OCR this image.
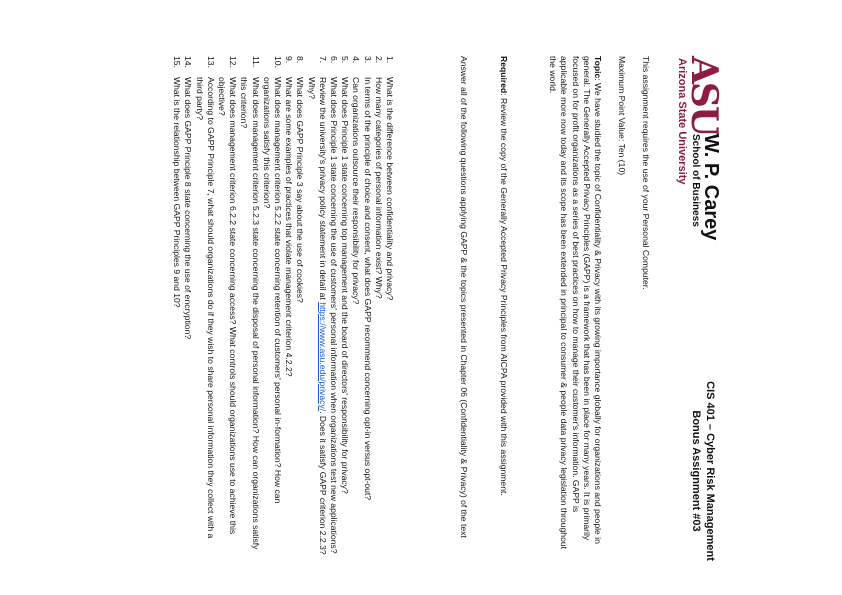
ASU
Arizona State University
W. P. Carey
School of Business
CIS 401 – Cyber Risk Management
Bonus Assignment #03

This assignment requires the use of your Personal Computer.

Maximum Point Value: Ten (10)

Topic: We have studied the topic of Confidentiality & Privacy with its growing importance globally for organizations and people in general. The Generally Accepted Privacy Principles (GAPP) is a framework that has been in place for many years. It is primarily focused on for profit organizations as a series of best practices on how to manage their customer's information. GAPP is applicable more now today and its scope has been extended in principal to consumer & people data privacy legislation throughout the world.

Required: Review the copy of the Generally Accepted Privacy Principles from AICPA provided with this assignment.

Answer all of the following questions applying GAPP & the topics presented in Chapter 06 (Confidentiality & Privacy) of the text

1.
What is the difference between confidentiality and privacy?
2.
How many categories of personal information exist? Why?
3.
In terms of the principle of choice and consent, what does GAPP recommend concerning opt-in versus opt-out?
4.
Can organizations outsource their responsibility for privacy?
5.
What does Principle 1 state concerning top management and the board of directors' responsibility for privacy?
6.
What does Principle 1 state concerning the use of customers' personal information when organizations test new applications?
7.
Review the university's privacy policy statement in detail at https://www.asu.edu/privacy/. Does it satisfy GAPP criterion 2.2.3? Why?
8.
What does GAPP Principle 3 say about the use of cookies?
9.
What are some examples of practices that violate management criterion 4.2.2?
10.
What does management criterion 5.2.2 state concerning retention of customers' personal in-formation? How can organizations satisfy this criterion?
11.
What does management criterion 5.2.3 state concerning the disposal of personal information? How can organizations satisfy this criterion?
12.
What does management criterion 6.2.2 state concerning access? What controls should organizations use to achieve this objective?
13.
According to GAPP Principle 7, what should organizations do if they wish to share personal information they collect with a third party?
14.
What does GAPP Principle 8 state concerning the use of encryption?
15.
What is the relationship between GAPP Principles 9 and 10?
